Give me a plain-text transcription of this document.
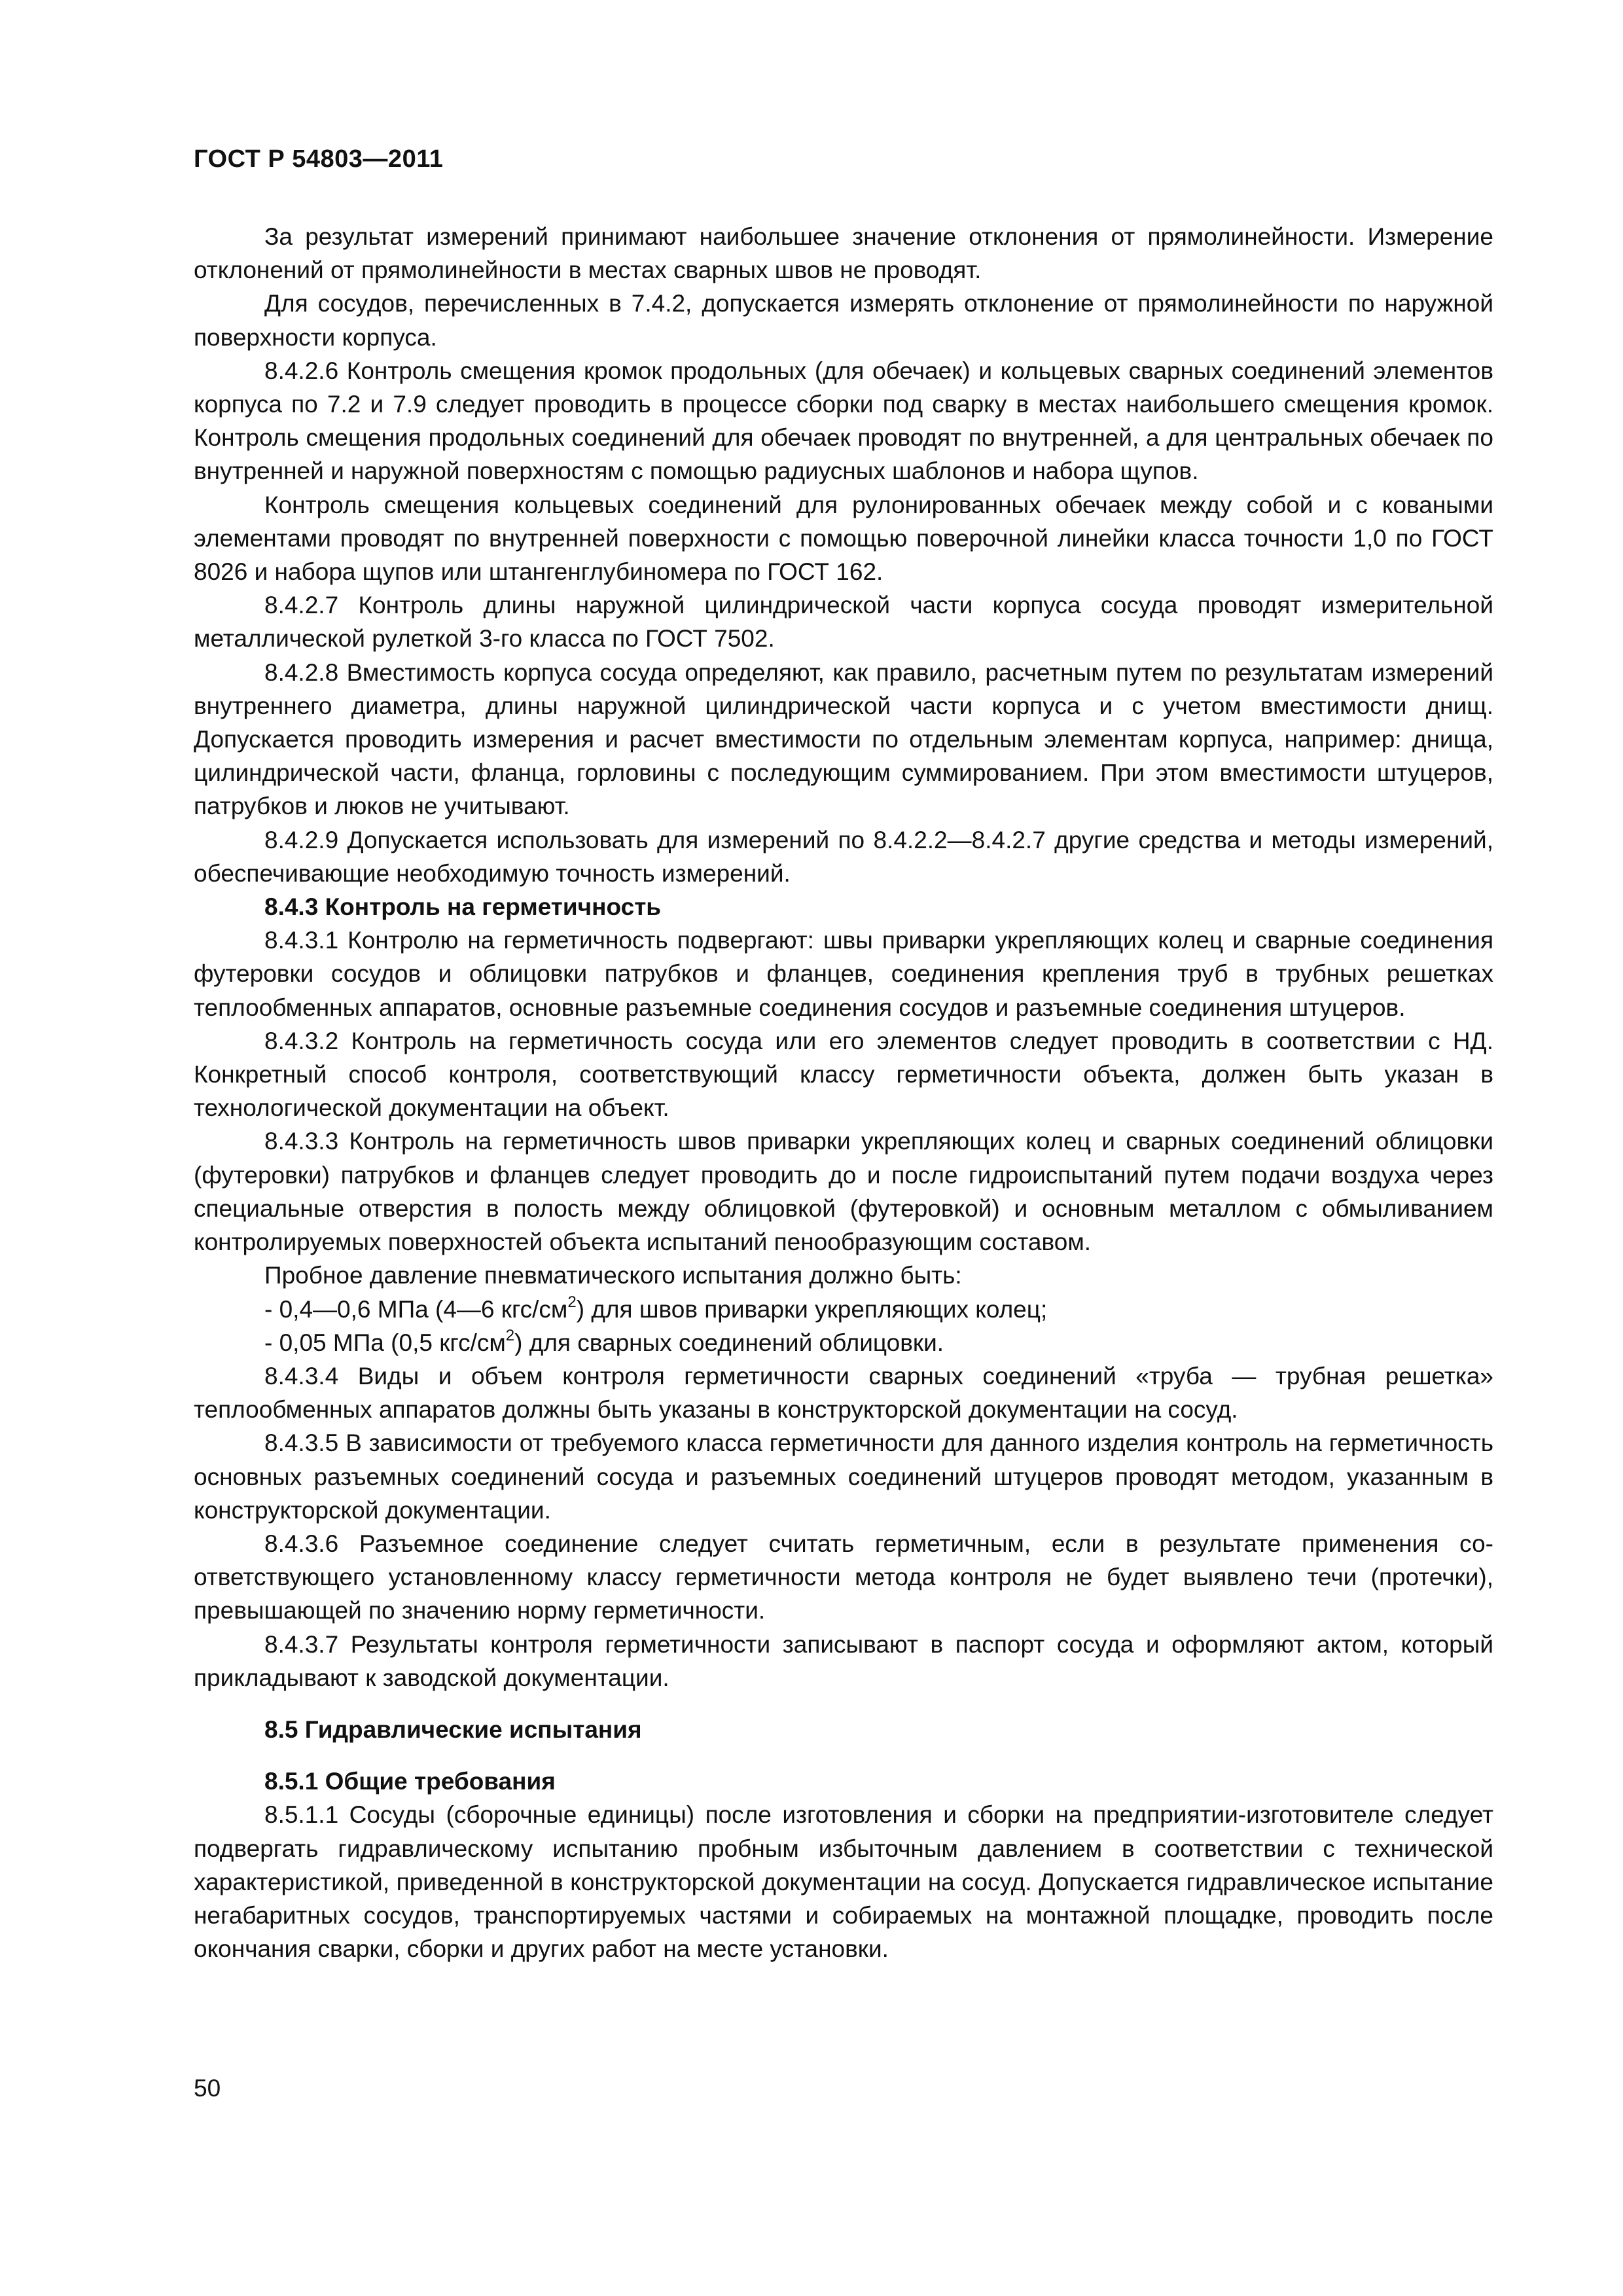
ГОСТ Р 54803—2011

За результат измерений принимают наибольшее значение отклонения от прямолинейности. Измерение отклонений от прямолинейности в местах сварных швов не проводят.

Для сосудов, перечисленных в 7.4.2, допускается измерять отклонение от прямолинейности по наружной поверхности корпуса.

8.4.2.6 Контроль смещения кромок продольных (для обечаек) и кольцевых сварных соединений элементов корпуса по 7.2 и 7.9 следует проводить в процессе сборки под сварку в местах наибольшего смещения кромок. Контроль смещения продольных соединений для обечаек проводят по внутренней, а для центральных обечаек по внутренней и наружной поверхностям с помощью радиусных шаблонов и набора щупов.

Контроль смещения кольцевых соединений для рулонированных обечаек между собой и с коваными элементами проводят по внутренней поверхности с помощью поверочной линейки класса точности 1,0 по ГОСТ 8026 и набора щупов или штангенглубиномера по ГОСТ 162.

8.4.2.7 Контроль длины наружной цилиндрической части корпуса сосуда проводят измерительной металлической рулеткой 3-го класса по ГОСТ 7502.

8.4.2.8 Вместимость корпуса сосуда определяют, как правило, расчетным путем по результатам измерений внутреннего диаметра, длины наружной цилиндрической части корпуса и с учетом вместимости днищ. Допускается проводить измерения и расчет вместимости по отдельным элементам корпуса, например: днища, цилиндрической части, фланца, горловины с последующим суммированием. При этом вместимости штуцеров, патрубков и люков не учитывают.

8.4.2.9 Допускается использовать для измерений по 8.4.2.2—8.4.2.7 другие средства и методы измерений, обеспечивающие необходимую точность измерений.

8.4.3 Контроль на герметичность

8.4.3.1 Контролю на герметичность подвергают: швы приварки укрепляющих колец и сварные соединения футеровки сосудов и облицовки патрубков и фланцев, соединения крепления труб в трубных решетках теплообменных аппаратов, основные разъемные соединения сосудов и разъемные соединения штуцеров.

8.4.3.2 Контроль на герметичность сосуда или его элементов следует проводить в соответствии с НД. Конкретный способ контроля, соответствующий классу герметичности объекта, должен быть указан в технологической документации на объект.

8.4.3.3 Контроль на герметичность швов приварки укрепляющих колец и сварных соединений облицовки (футеровки) патрубков и фланцев следует проводить до и после гидроиспытаний путем подачи воздуха через специальные отверстия в полость между облицовкой (футеровкой) и основным металлом с обмыливанием контролируемых поверхностей объекта испытаний пенообразующим составом.

Пробное давление пневматического испытания должно быть:

- 0,4—0,6 МПа (4—6 кгс/$см^2$) для швов приварки укрепляющих колец;

- 0,05 МПа (0,5 кгс/$см^2$) для сварных соединений облицовки.

8.4.3.4 Виды и объем контроля герметичности сварных соединений «труба — трубная решетка» теплообменных аппаратов должны быть указаны в конструкторской документации на сосуд.

8.4.3.5 В зависимости от требуемого класса герметичности для данного изделия контроль на герметичность основных разъемных соединений сосуда и разъемных соединений штуцеров проводят методом, указанным в конструкторской документации.

8.4.3.6 Разъемное соединение следует считать герметичным, если в результате применения соответствующего установленному классу герметичности метода контроля не будет выявлено течи (протечки), превышающей по значению норму герметичности.

8.4.3.7 Результаты контроля герметичности записывают в паспорт сосуда и оформляют актом, который прикладывают к заводской документации.

8.5 Гидравлические испытания

8.5.1 Общие требования

8.5.1.1 Сосуды (сборочные единицы) после изготовления и сборки на предприятии-изготовителе следует подвергать гидравлическому испытанию пробным избыточным давлением в соответствии с технической характеристикой, приведенной в конструкторской документации на сосуд. Допускается гидравлическое испытание негабаритных сосудов, транспортируемых частями и собираемых на монтажной площадке, проводить после окончания сварки, сборки и других работ на месте установки.

50
